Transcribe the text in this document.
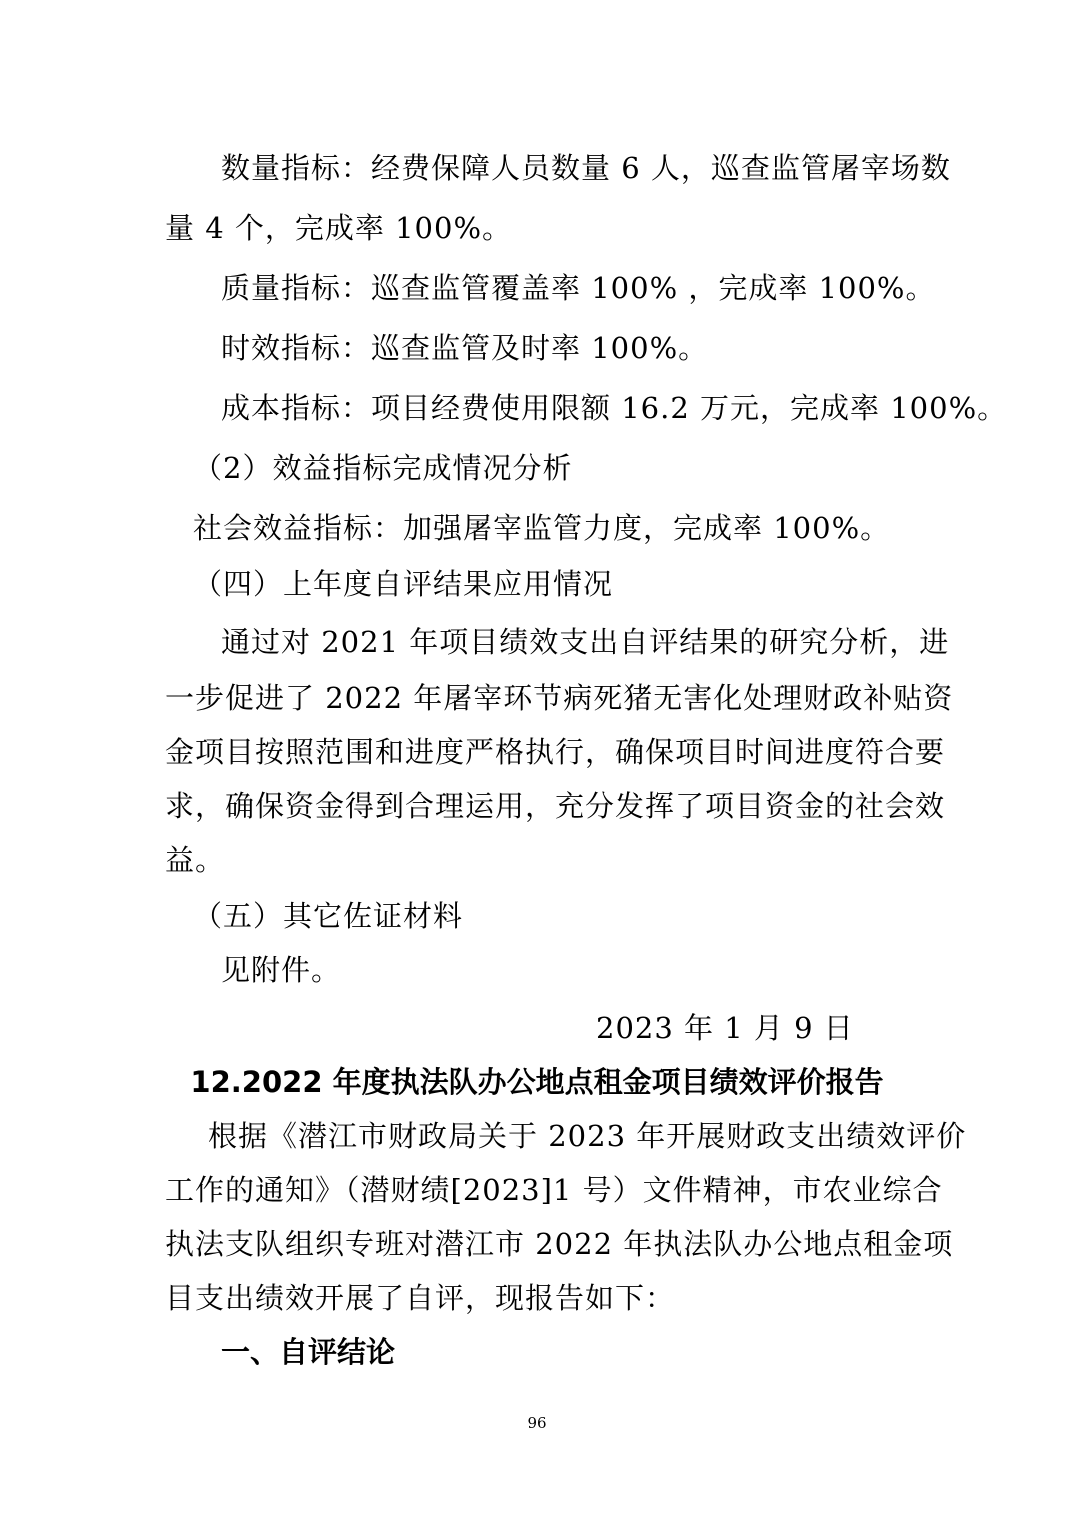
数量指标：经费保障人员数量 6 人，巡查监管屠宰场数
量 4 个，完成率 100%。
质量指标：巡查监管覆盖率 100% ，完成率 100%。
时效指标：巡查监管及时率 100%。
成本指标：项目经费使用限额 16.2 万元，完成率 100%。
（2）效益指标完成情况分析
社会效益指标：加强屠宰监管力度，完成率 100%。
（四）上年度自评结果应用情况
通过对 2021 年项目绩效支出自评结果的研究分析，进
一步促进了 2022 年屠宰环节病死猪无害化处理财政补贴资
金项目按照范围和进度严格执行，确保项目时间进度符合要
求，确保资金得到合理运用，充分发挥了项目资金的社会效
益。
（五）其它佐证材料
见附件。
2023 年 1 月 9 日
12.2022 年度执法队办公地点租金项目绩效评价报告
根据《潜江市财政局关于 2023 年开展财政支出绩效评价
工作的通知》（潜财绩[2023]1 号）文件精神，市农业综合
执法支队组织专班对潜江市 2022 年执法队办公地点租金项
目支出绩效开展了自评，现报告如下：
一、自评结论
96
